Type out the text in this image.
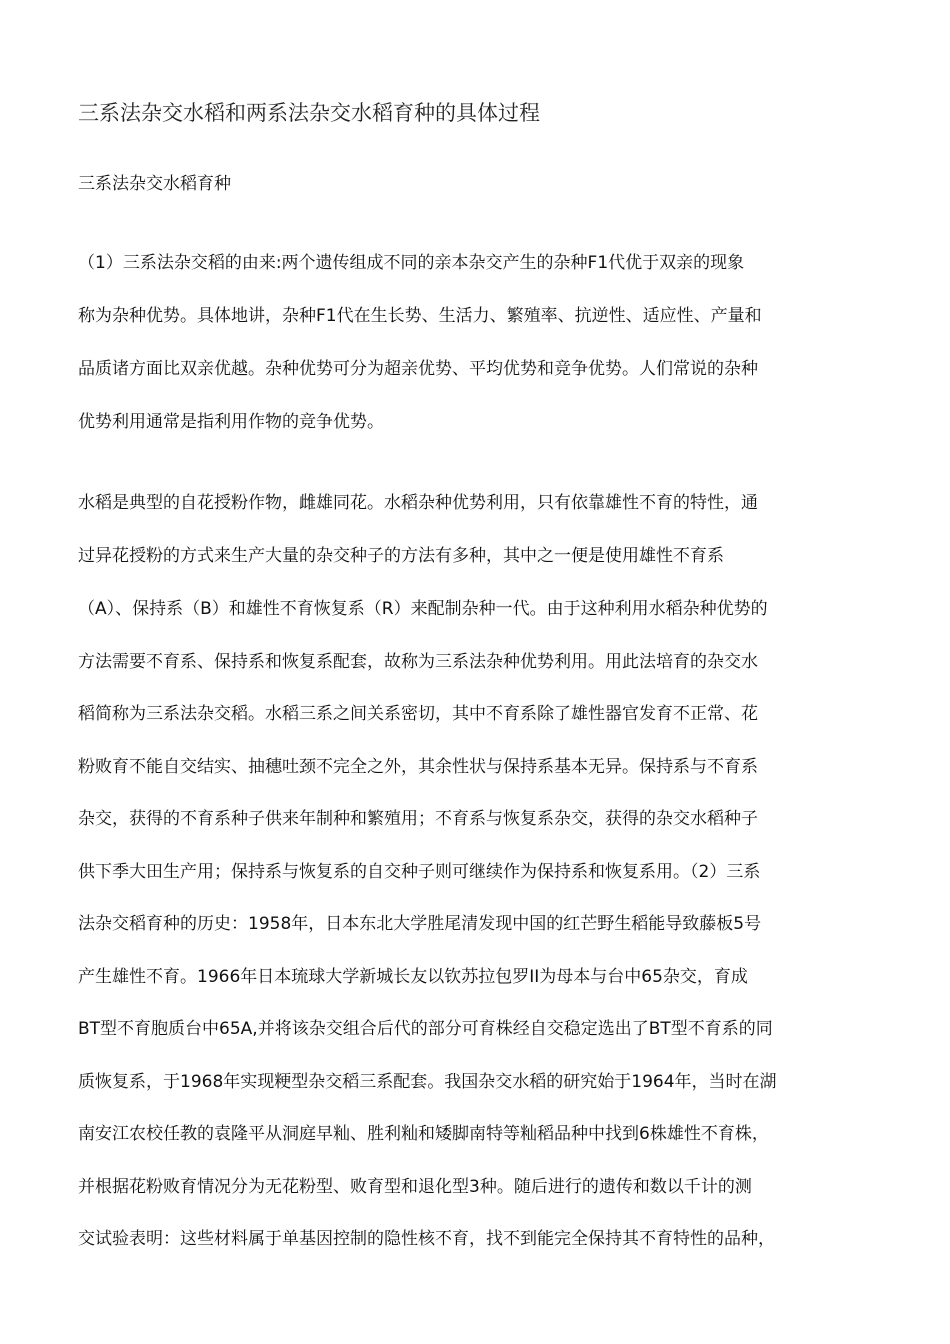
三系法杂交水稻和两系法杂交水稻育种的具体过程
三系法杂交水稻育种
（1）三系法杂交稻的由来:两个遗传组成不同的亲本杂交产生的杂种F1代优于双亲的现象
称为杂种优势。具体地讲，杂种F1代在生长势、生活力、繁殖率、抗逆性、适应性、产量和
品质诸方面比双亲优越。杂种优势可分为超亲优势、平均优势和竞争优势。人们常说的杂种
优势利用通常是指利用作物的竞争优势。
水稻是典型的自花授粉作物，雌雄同花。水稻杂种优势利用，只有依靠雄性不育的特性，通
过异花授粉的方式来生产大量的杂交种子的方法有多种，其中之一便是使用雄性不育系
（A）、保持系（B）和雄性不育恢复系（R）来配制杂种一代。由于这种利用水稻杂种优势的
方法需要不育系、保持系和恢复系配套，故称为三系法杂种优势利用。用此法培育的杂交水
稻简称为三系法杂交稻。水稻三系之间关系密切，其中不育系除了雄性器官发育不正常、花
粉败育不能自交结实、抽穗吐颈不完全之外，其余性状与保持系基本无异。保持系与不育系
杂交，获得的不育系种子供来年制种和繁殖用；不育系与恢复系杂交，获得的杂交水稻种子
供下季大田生产用；保持系与恢复系的自交种子则可继续作为保持系和恢复系用。（2）三系
法杂交稻育种的历史：1958年，日本东北大学胜尾清发现中国的红芒野生稻能导致藤板5号
产生雄性不育。1966年日本琉球大学新城长友以钦苏拉包罗II为母本与台中65杂交，育成
BT型不育胞质台中65A,并将该杂交组合后代的部分可育株经自交稳定选出了BT型不育系的同
质恢复系，于1968年实现粳型杂交稻三系配套。我国杂交水稻的研究始于1964年，当时在湖
南安江农校任教的袁隆平从洞庭早籼、胜利籼和矮脚南特等籼稻品种中找到6株雄性不育株，
并根据花粉败育情况分为无花粉型、败育型和退化型3种。随后进行的遗传和数以千计的测
交试验表明：这些材料属于单基因控制的隐性核不育，找不到能完全保持其不育特性的品种，
